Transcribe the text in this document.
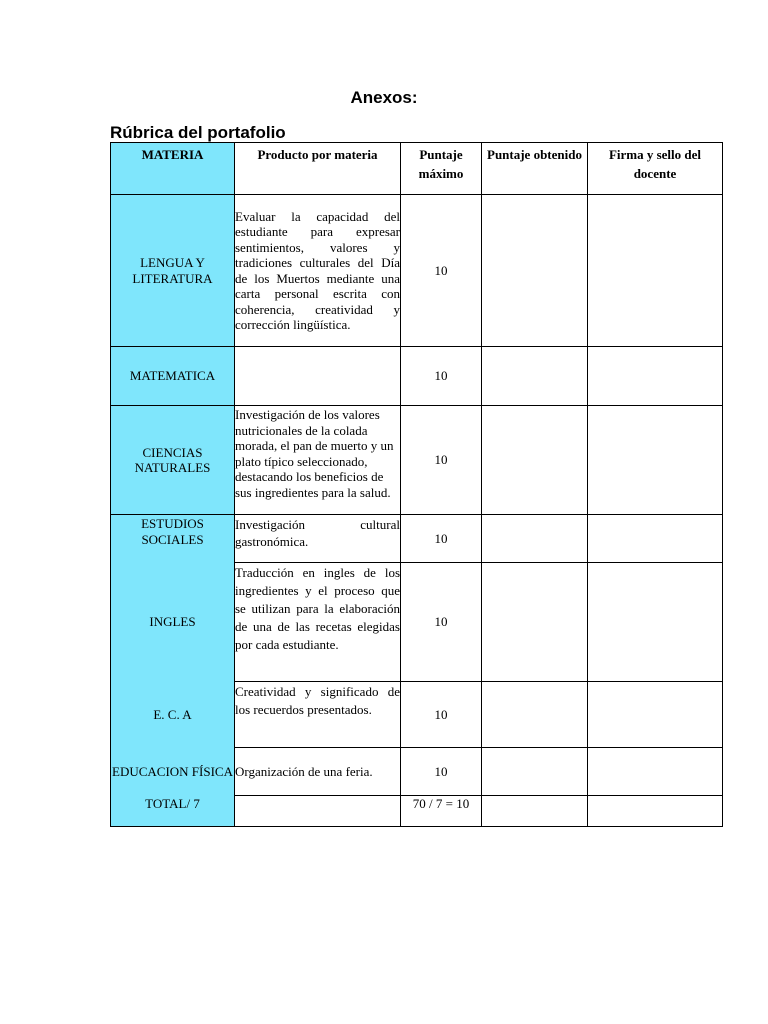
Anexos:
Rúbrica del portafolio
MATERIA	Producto por materia	Puntaje máximo	Puntaje obtenido	Firma y sello del docente
LENGUA Y LITERATURA	Evaluar la capacidad del estudiante para expresar sentimientos, valores y tradiciones culturales del Día de los Muertos mediante una carta personal escrita con coherencia, creatividad y corrección lingüística.	10		
MATEMATICA		10		
CIENCIAS NATURALES	Investigación de los valores nutricionales de la colada morada, el pan de muerto y un plato típico seleccionado, destacando los beneficios de sus ingredientes para la salud.	10		
ESTUDIOS SOCIALES	Investigación cultural gastronómica.	10		
INGLES	Traducción en ingles de los ingredientes y el proceso que se utilizan para la elaboración de una de las recetas elegidas por cada estudiante.	10		
E. C. A	Creatividad y significado de los recuerdos presentados.	10		
EDUCACION FÍSICA	Organización de una feria.	10		
TOTAL/ 7		70 / 7 = 10		
